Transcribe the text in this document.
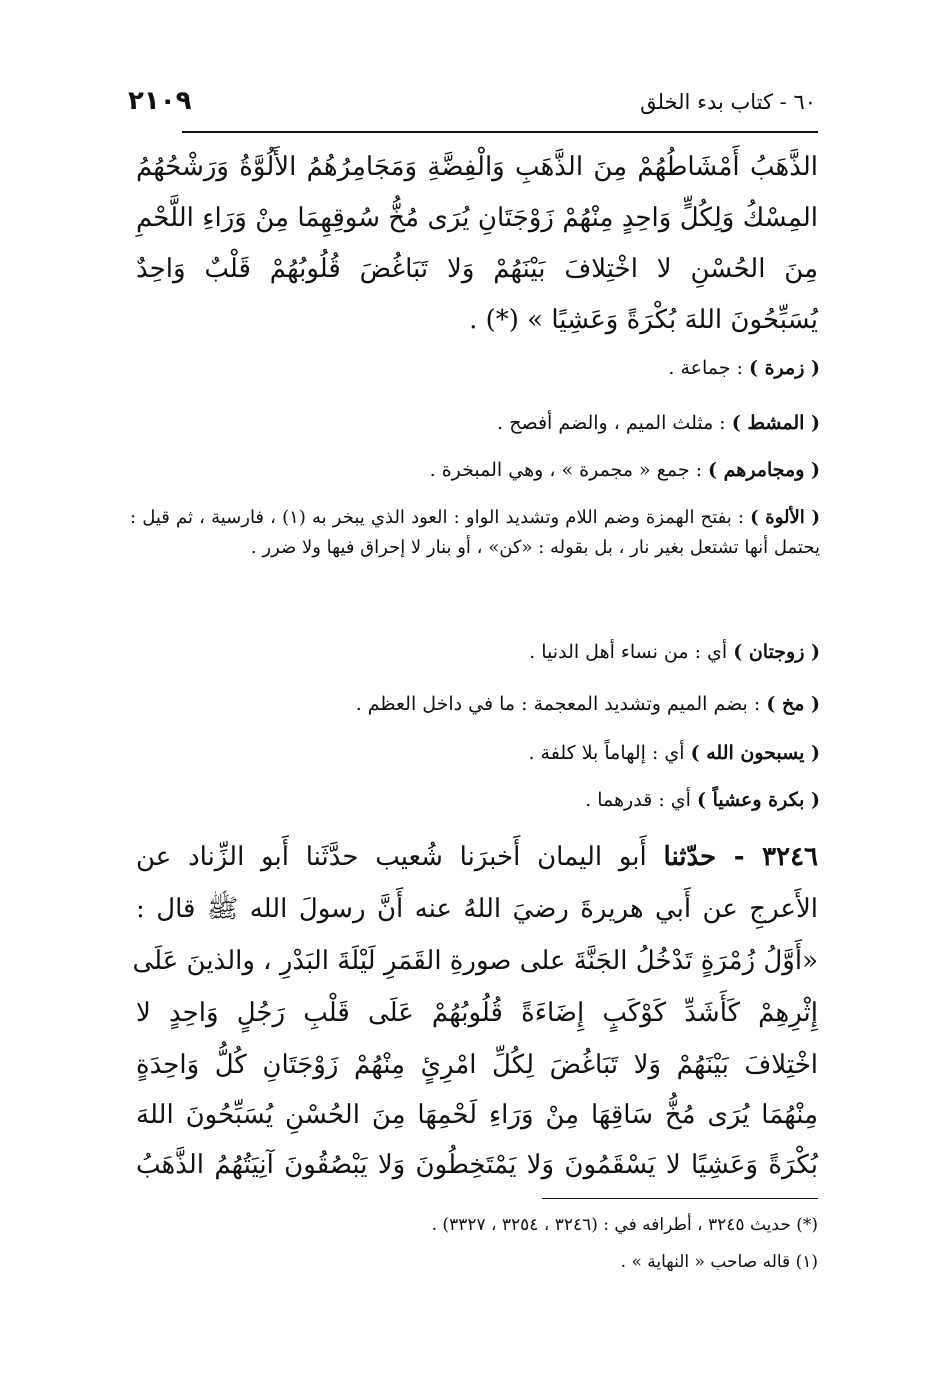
٢١٠٩	٦٠ - كتاب بدء الخلق
الذَّهَبُ أَمْشَاطُهُمْ مِنَ الذَّهَبِ وَالْفِضَّةِ وَمَجَامِرُهُمُ الأَلُوَّةُ وَرَشْحُهُمُ
المِسْكُ وَلِكُلٍّ وَاحِدٍ مِنْهُمْ زَوْجَتَانِ يُرَى مُخُّ سُوقِهِمَا مِنْ وَرَاءِ اللَّحْمِ
مِنَ الحُسْنِ لا اخْتِلافَ بَيْنَهُمْ وَلا تَبَاغُضَ قُلُوبُهُمْ قَلْبٌ وَاحِدٌ
يُسَبِّحُونَ اللهَ بُكْرَةً وَعَشِيًا » (*) .
( زمرة ) : جماعة .
( المشط ) : مثلث الميم ، والضم أفصح .
( ومجامرهم ) : جمع « مجمرة » ، وهي المبخرة .
( الألوة ) : بفتح الهمزة وضم اللام وتشديد الواو : العود الذي يبخر به (١) ، فارسية ، ثم قيل : يحتمل أنها تشتعل بغير نار ، بل بقوله : «كن» ، أو بنار لا إحراق فيها ولا ضرر .
( زوجتان ) أي : من نساء أهل الدنيا .
( مخ ) : بضم الميم وتشديد المعجمة : ما في داخل العظم .
( يسبحون الله ) أي : إلهاماً بلا كلفة .
( بكرة وعشياً ) أي : قدرهما .
٣٢٤٦ - حدّثنا أَبو اليمان أَخبرَنا شُعيب حدَّثَنا أَبو الزِّناد عن
الأَعرجِ عن أَبي هريرةَ رضيَ اللهُ عنه أَنَّ رسولَ الله ﷺ قال :
«أَوَّلُ زُمْرَةٍ تَدْخُلُ الجَنَّةَ على صورةِ القَمَرِ لَيْلَةَ البَدْرِ ، والذينَ عَلَى
إِثْرِهِمْ كَأَشَدِّ كَوْكَبٍ إِضَاءَةً قُلُوبُهُمْ عَلَى قَلْبِ رَجُلٍ وَاحِدٍ لا
اخْتِلافَ بَيْنَهُمْ وَلا تَبَاغُضَ لِكُلِّ امْرِئٍ مِنْهُمْ زَوْجَتَانِ كُلُّ وَاحِدَةٍ
مِنْهُمَا يُرَى مُخُّ سَاقِهَا مِنْ وَرَاءِ لَحْمِهَا مِنَ الحُسْنِ يُسَبِّحُونَ اللهَ
بُكْرَةً وَعَشِيًا لا يَسْقَمُونَ وَلا يَمْتَخِطُونَ وَلا يَبْصُقُونَ آنِيَتُهُمُ الذَّهَبُ
(*) حديث ٣٢٤٥ ، أطرافه في : (٣٢٤٦ ، ٣٢٥٤ ، ٣٣٢٧) .
(١) قاله صاحب « النهاية » .
